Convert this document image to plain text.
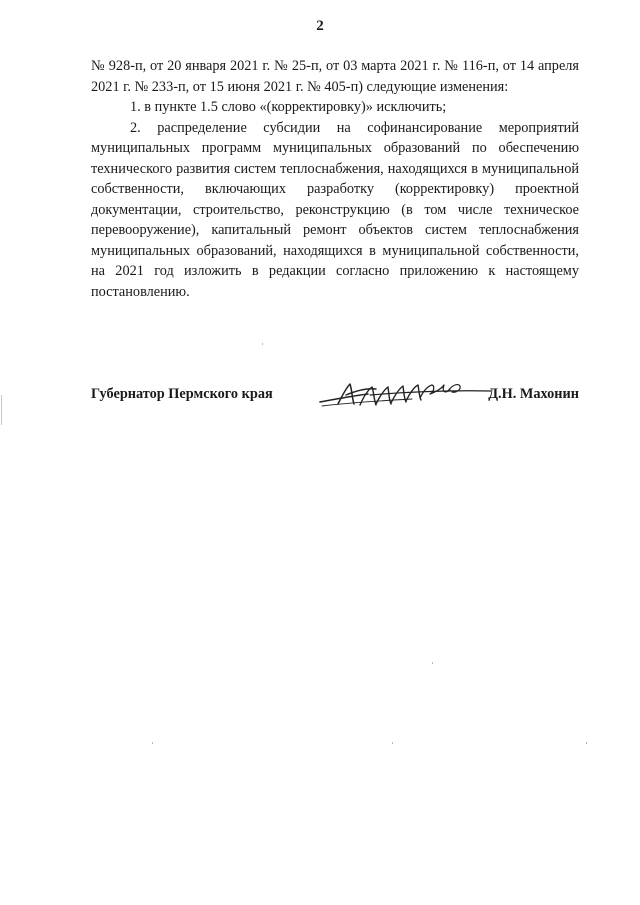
2

№ 928-п, от 20 января 2021 г. № 25-п, от 03 марта 2021 г. № 116-п, от 14 апреля 2021 г. № 233-п, от 15 июня 2021 г. № 405-п) следующие изменения:

1. в пункте 1.5 слово «(корректировку)» исключить;

2. распределение субсидии на софинансирование мероприятий муниципальных программ муниципальных образований по обеспечению технического развития систем теплоснабжения, находящихся в муниципальной собственности, включающих разработку (корректировку) проектной документации, строительство, реконструкцию (в том числе техническое перевооружение), капитальный ремонт объектов систем теплоснабжения муниципальных образований, находящихся в муниципальной собственности, на 2021 год изложить в редакции согласно приложению к настоящему постановлению.

Губернатор Пермского края	Д.Н. Махонин
